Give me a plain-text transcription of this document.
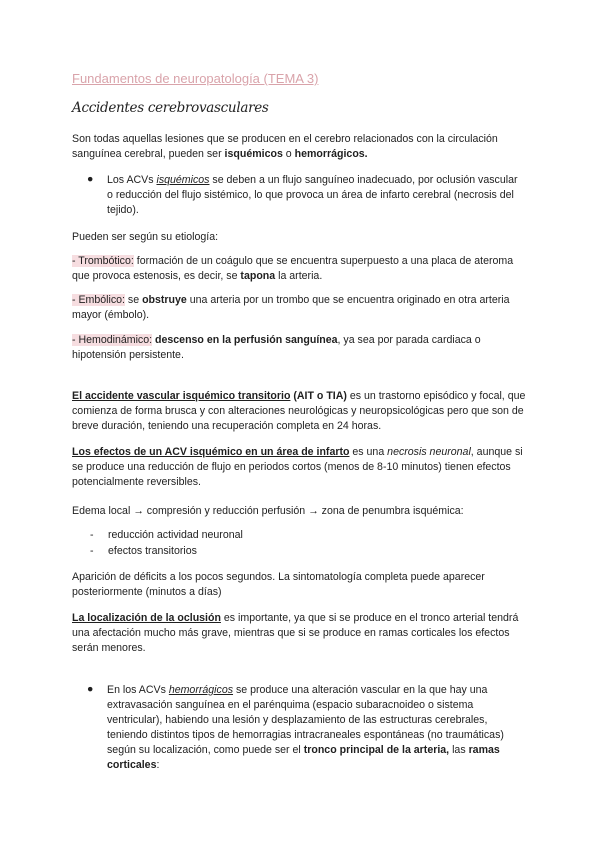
Fundamentos de neuropatología (TEMA 3)
Accidentes cerebrovasculares
Son todas aquellas lesiones que se producen en el cerebro relacionados con la circulación sanguínea cerebral, pueden ser isquémicos o hemorrágicos.
● Los ACVs isquémicos se deben a un flujo sanguíneo inadecuado, por oclusión vascular o reducción del flujo sistémico, lo que provoca un área de infarto cerebral (necrosis del tejido).
Pueden ser según su etiología:
- Trombótico: formación de un coágulo que se encuentra superpuesto a una placa de ateroma que provoca estenosis, es decir, se tapona la arteria.
- Embólico: se obstruye una arteria por un trombo que se encuentra originado en otra arteria mayor (émbolo).
- Hemodinámico: descenso en la perfusión sanguínea, ya sea por parada cardiaca o hipotensión persistente.
El accidente vascular isquémico transitorio (AIT o TIA) es un trastorno episódico y focal, que comienza de forma brusca y con alteraciones neurológicas y neuropsicológicas pero que son de breve duración, teniendo una recuperación completa en 24 horas.
Los efectos de un ACV isquémico en un área de infarto es una necrosis neuronal, aunque si se produce una reducción de flujo en periodos cortos (menos de 8-10 minutos) tienen efectos potencialmente reversibles.
Edema local → compresión y reducción perfusión → zona de penumbra isquémica:
- reducción actividad neuronal
- efectos transitorios
Aparición de déficits a los pocos segundos. La sintomatología completa puede aparecer posteriormente (minutos a días)
La localización de la oclusión es importante, ya que si se produce en el tronco arterial tendrá una afectación mucho más grave, mientras que si se produce en ramas corticales los efectos serán menores.
● En los ACVs hemorrágicos se produce una alteración vascular en la que hay una extravasación sanguínea en el parénquima (espacio subaracnoideo o sistema ventricular), habiendo una lesión y desplazamiento de las estructuras cerebrales, teniendo distintos tipos de hemorragias intracraneales espontáneas (no traumáticas) según su localización, como puede ser el tronco principal de la arteria, las ramas corticales:
